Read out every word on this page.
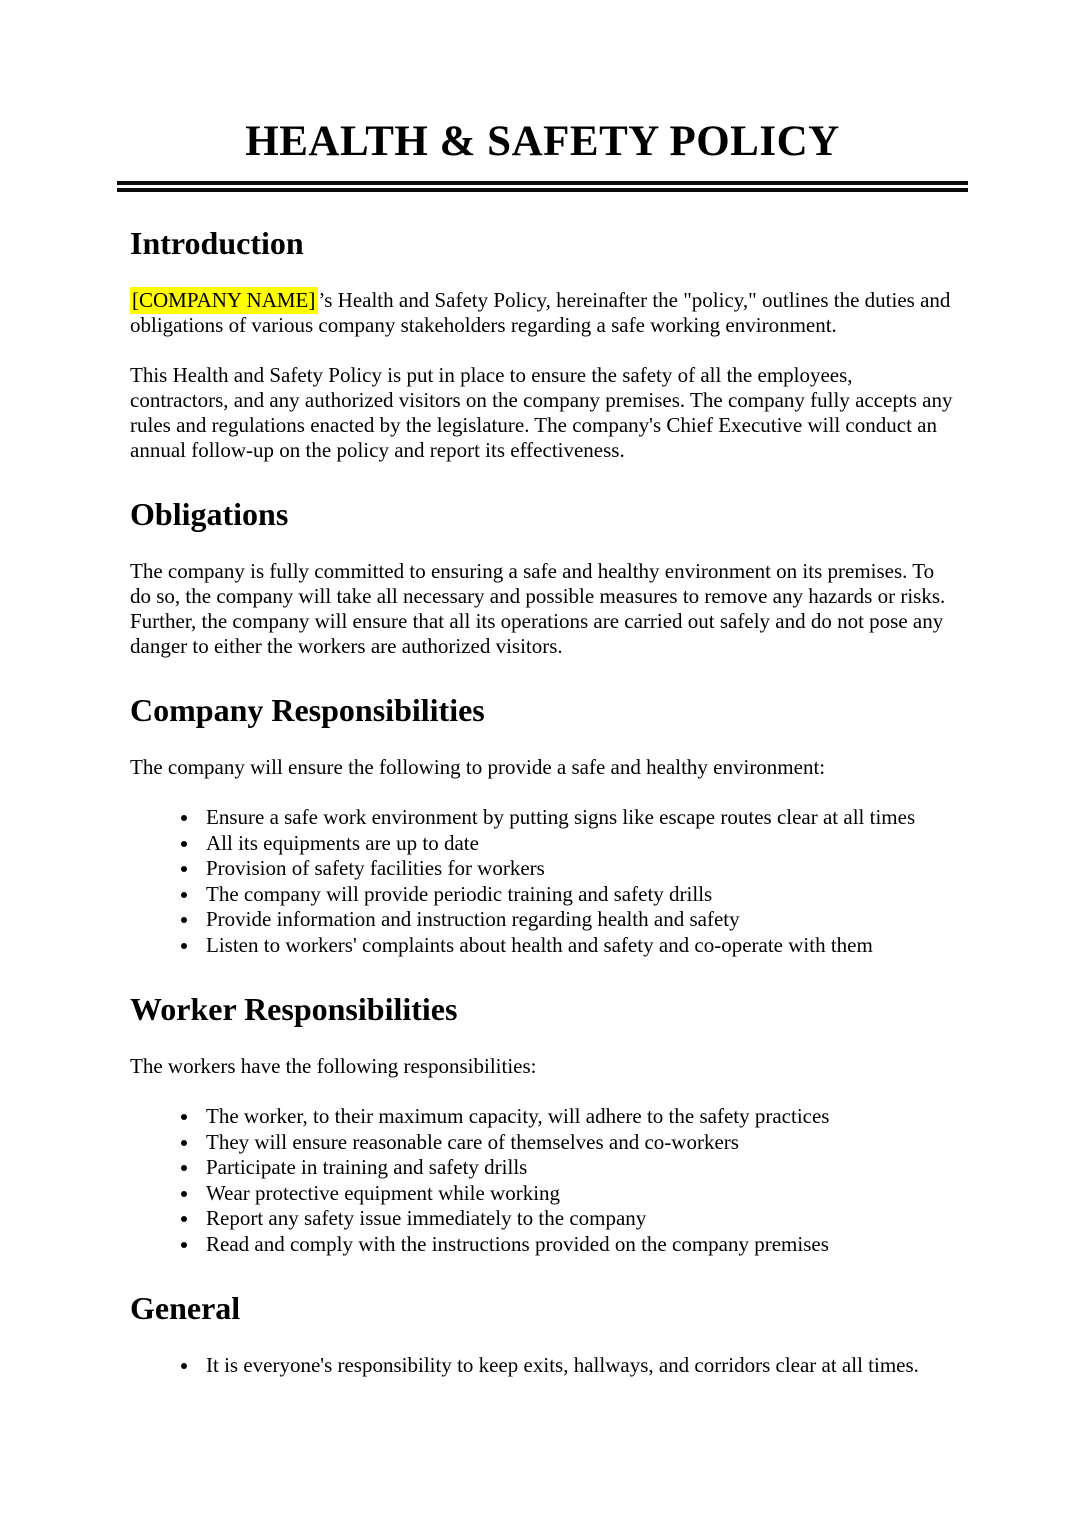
HEALTH & SAFETY POLICY
Introduction

[COMPANY NAME] ’s Health and Safety Policy, hereinafter the "policy," outlines the duties and obligations of various company stakeholders regarding a safe working environment.

This Health and Safety Policy is put in place to ensure the safety of all the employees, contractors, and any authorized visitors on the company premises. The company fully accepts any rules and regulations enacted by the legislature. The company's Chief Executive will conduct an annual follow-up on the policy and report its effectiveness.

Obligations

The company is fully committed to ensuring a safe and healthy environment on its premises. To do so, the company will take all necessary and possible measures to remove any hazards or risks. Further, the company will ensure that all its operations are carried out safely and do not pose any danger to either the workers are authorized visitors.

Company Responsibilities

The company will ensure the following to provide a safe and healthy environment:

• Ensure a safe work environment by putting signs like escape routes clear at all times
• All its equipments are up to date
• Provision of safety facilities for workers
• The company will provide periodic training and safety drills
• Provide information and instruction regarding health and safety
• Listen to workers' complaints about health and safety and co-operate with them
Worker Responsibilities

The workers have the following responsibilities:

• The worker, to their maximum capacity, will adhere to the safety practices
• They will ensure reasonable care of themselves and co-workers
• Participate in training and safety drills
• Wear protective equipment while working
• Report any safety issue immediately to the company
• Read and comply with the instructions provided on the company premises
General
• It is everyone's responsibility to keep exits, hallways, and corridors clear at all times.
